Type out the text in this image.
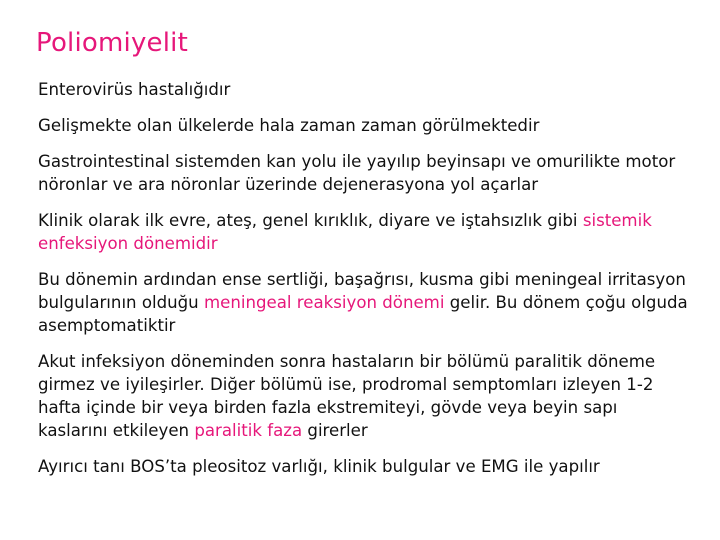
Poliomiyelit

Enterovirüs hastalığıdır

Gelişmekte olan ülkelerde hala zaman zaman görülmektedir

Gastrointestinal sistemden kan yolu ile yayılıp beyinsapı ve omurilikte motor nöronlar ve ara nöronlar üzerinde dejenerasyona yol açarlar

Klinik olarak ilk evre, ateş, genel kırıklık, diyare ve iştahsızlık gibi sistemik enfeksiyon dönemidir

Bu dönemin ardından ense sertliği, başağrısı, kusma gibi meningeal irritasyon bulgularının olduğu meningeal reaksiyon dönemi gelir. Bu dönem çoğu olguda asemptomatiktir

Akut infeksiyon döneminden sonra hastaların bir bölümü paralitik döneme girmez ve iyileşirler. Diğer bölümü ise, prodromal semptomları izleyen 1-2 hafta içinde bir veya birden fazla ekstremiteyi, gövde veya beyin sapı kaslarını etkileyen paralitik faza girerler

Ayırıcı tanı BOS’ta pleositoz varlığı, klinik bulgular ve EMG ile yapılır
